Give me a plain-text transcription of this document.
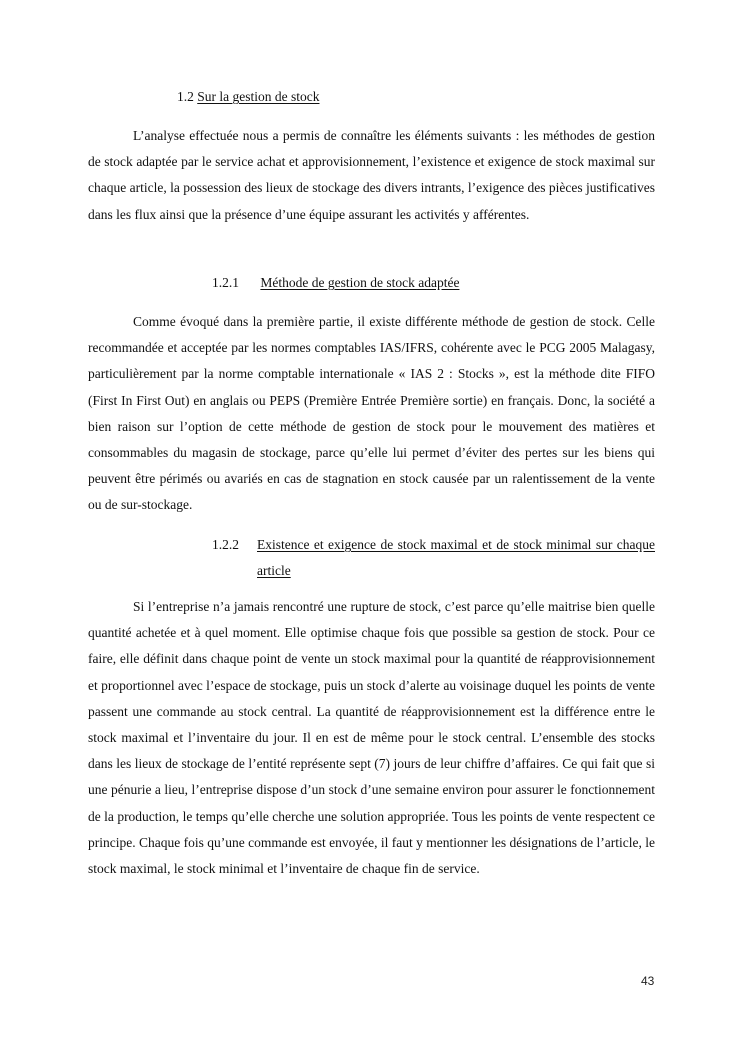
1.2 Sur la gestion de stock

L’analyse effectuée nous a permis de connaître les éléments suivants : les méthodes de gestion de stock adaptée par le service achat et approvisionnement, l’existence et exigence de stock maximal sur chaque article, la possession des lieux de stockage des divers intrants, l’exigence des pièces justificatives dans les flux ainsi que la présence d’une équipe assurant les activités y afférentes.

1.2.1 Méthode de gestion de stock adaptée

Comme évoqué dans la première partie, il existe différente méthode de gestion de stock. Celle recommandée et acceptée par les normes comptables IAS/IFRS, cohérente avec le PCG 2005 Malagasy, particulièrement par la norme comptable internationale « IAS 2 : Stocks », est la méthode dite FIFO (First In First Out) en anglais ou PEPS (Première Entrée Première sortie) en français. Donc, la société a bien raison sur l’option de cette méthode de gestion de stock pour le mouvement des matières et consommables du magasin de stockage, parce qu’elle lui permet d’éviter des pertes sur les biens qui peuvent être périmés ou avariés en cas de stagnation en stock causée par un ralentissement de la vente ou de sur-stockage.

1.2.2 Existence et exigence de stock maximal et de stock minimal sur chaque article

Si l’entreprise n’a jamais rencontré une rupture de stock, c’est parce qu’elle maitrise bien quelle quantité achetée et à quel moment. Elle optimise chaque fois que possible sa gestion de stock. Pour ce faire, elle définit dans chaque point de vente un stock maximal pour la quantité de réapprovisionnement et proportionnel avec l’espace de stockage, puis un stock d’alerte au voisinage duquel les points de vente passent une commande au stock central. La quantité de réapprovisionnement est la différence entre le stock maximal et l’inventaire du jour. Il en est de même pour le stock central. L’ensemble des stocks dans les lieux de stockage de l’entité représente sept (7) jours de leur chiffre d’affaires. Ce qui fait que si une pénurie a lieu, l’entreprise dispose d’un stock d’une semaine environ pour assurer le fonctionnement de la production, le temps qu’elle cherche une solution appropriée. Tous les points de vente respectent ce principe. Chaque fois qu’une commande est envoyée, il faut y mentionner les désignations de l’article, le stock maximal, le stock minimal et l’inventaire de chaque fin de service.

43
